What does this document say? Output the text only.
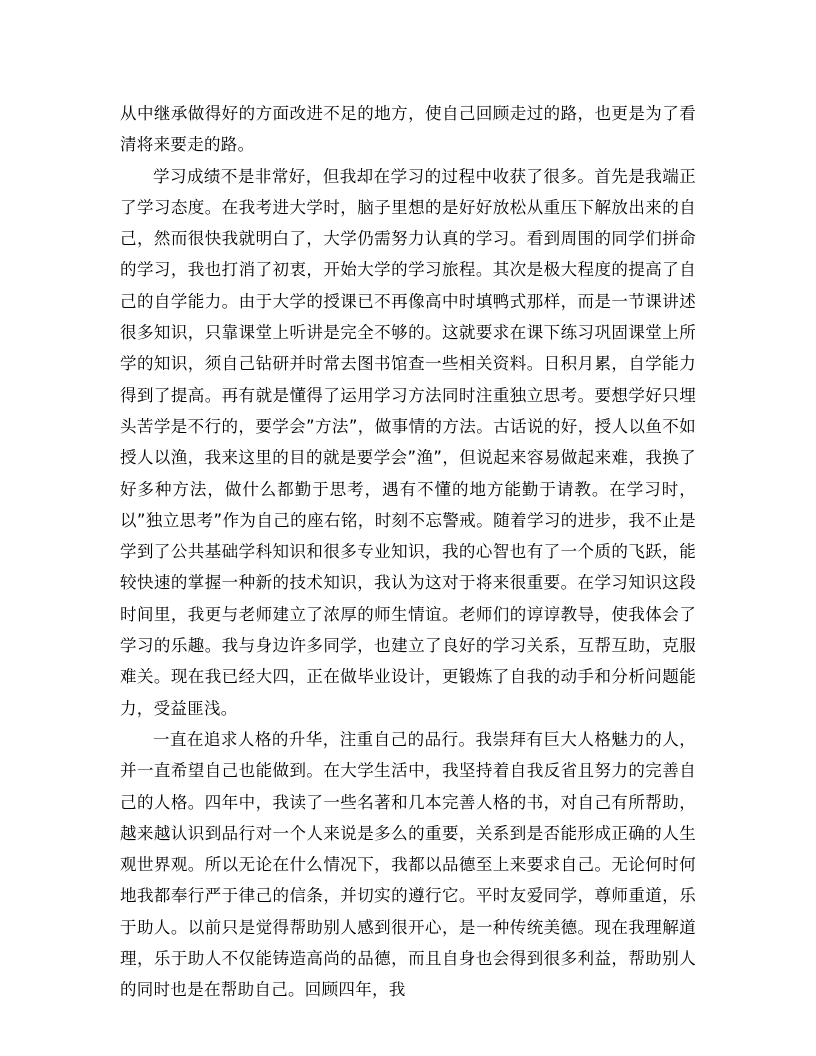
从中继承做得好的方面改进不足的地方，使自己回顾走过的路，也更是为了看清将来要走的路。

学习成绩不是非常好，但我却在学习的过程中收获了很多。首先是我端正了学习态度。在我考进大学时，脑子里想的是好好放松从重压下解放出来的自己，然而很快我就明白了，大学仍需努力认真的学习。看到周围的同学们拼命的学习，我也打消了初衷，开始大学的学习旅程。其次是极大程度的提高了自己的自学能力。由于大学的授课已不再像高中时填鸭式那样，而是一节课讲述很多知识，只靠课堂上听讲是完全不够的。这就要求在课下练习巩固课堂上所学的知识，须自己钻研并时常去图书馆查一些相关资料。日积月累，自学能力得到了提高。再有就是懂得了运用学习方法同时注重独立思考。要想学好只埋头苦学是不行的，要学会”方法”，做事情的方法。古话说的好，授人以鱼不如授人以渔，我来这里的目的就是要学会”渔”，但说起来容易做起来难，我换了好多种方法，做什么都勤于思考，遇有不懂的地方能勤于请教。在学习时，以”独立思考”作为自己的座右铭，时刻不忘警戒。随着学习的进步，我不止是学到了公共基础学科知识和很多专业知识，我的心智也有了一个质的飞跃，能较快速的掌握一种新的技术知识，我认为这对于将来很重要。在学习知识这段时间里，我更与老师建立了浓厚的师生情谊。老师们的谆谆教导，使我体会了学习的乐趣。我与身边许多同学，也建立了良好的学习关系，互帮互助，克服难关。现在我已经大四，正在做毕业设计，更锻炼了自我的动手和分析问题能力，受益匪浅。

一直在追求人格的升华，注重自己的品行。我崇拜有巨大人格魅力的人，并一直希望自己也能做到。在大学生活中，我坚持着自我反省且努力的完善自己的人格。四年中，我读了一些名著和几本完善人格的书，对自己有所帮助，越来越认识到品行对一个人来说是多么的重要，关系到是否能形成正确的人生观世界观。所以无论在什么情况下，我都以品德至上来要求自己。无论何时何地我都奉行严于律己的信条，并切实的遵行它。平时友爱同学，尊师重道，乐于助人。以前只是觉得帮助别人感到很开心，是一种传统美德。现在我理解道理，乐于助人不仅能铸造高尚的品德，而且自身也会得到很多利益，帮助别人的同时也是在帮助自己。回顾四年，我
